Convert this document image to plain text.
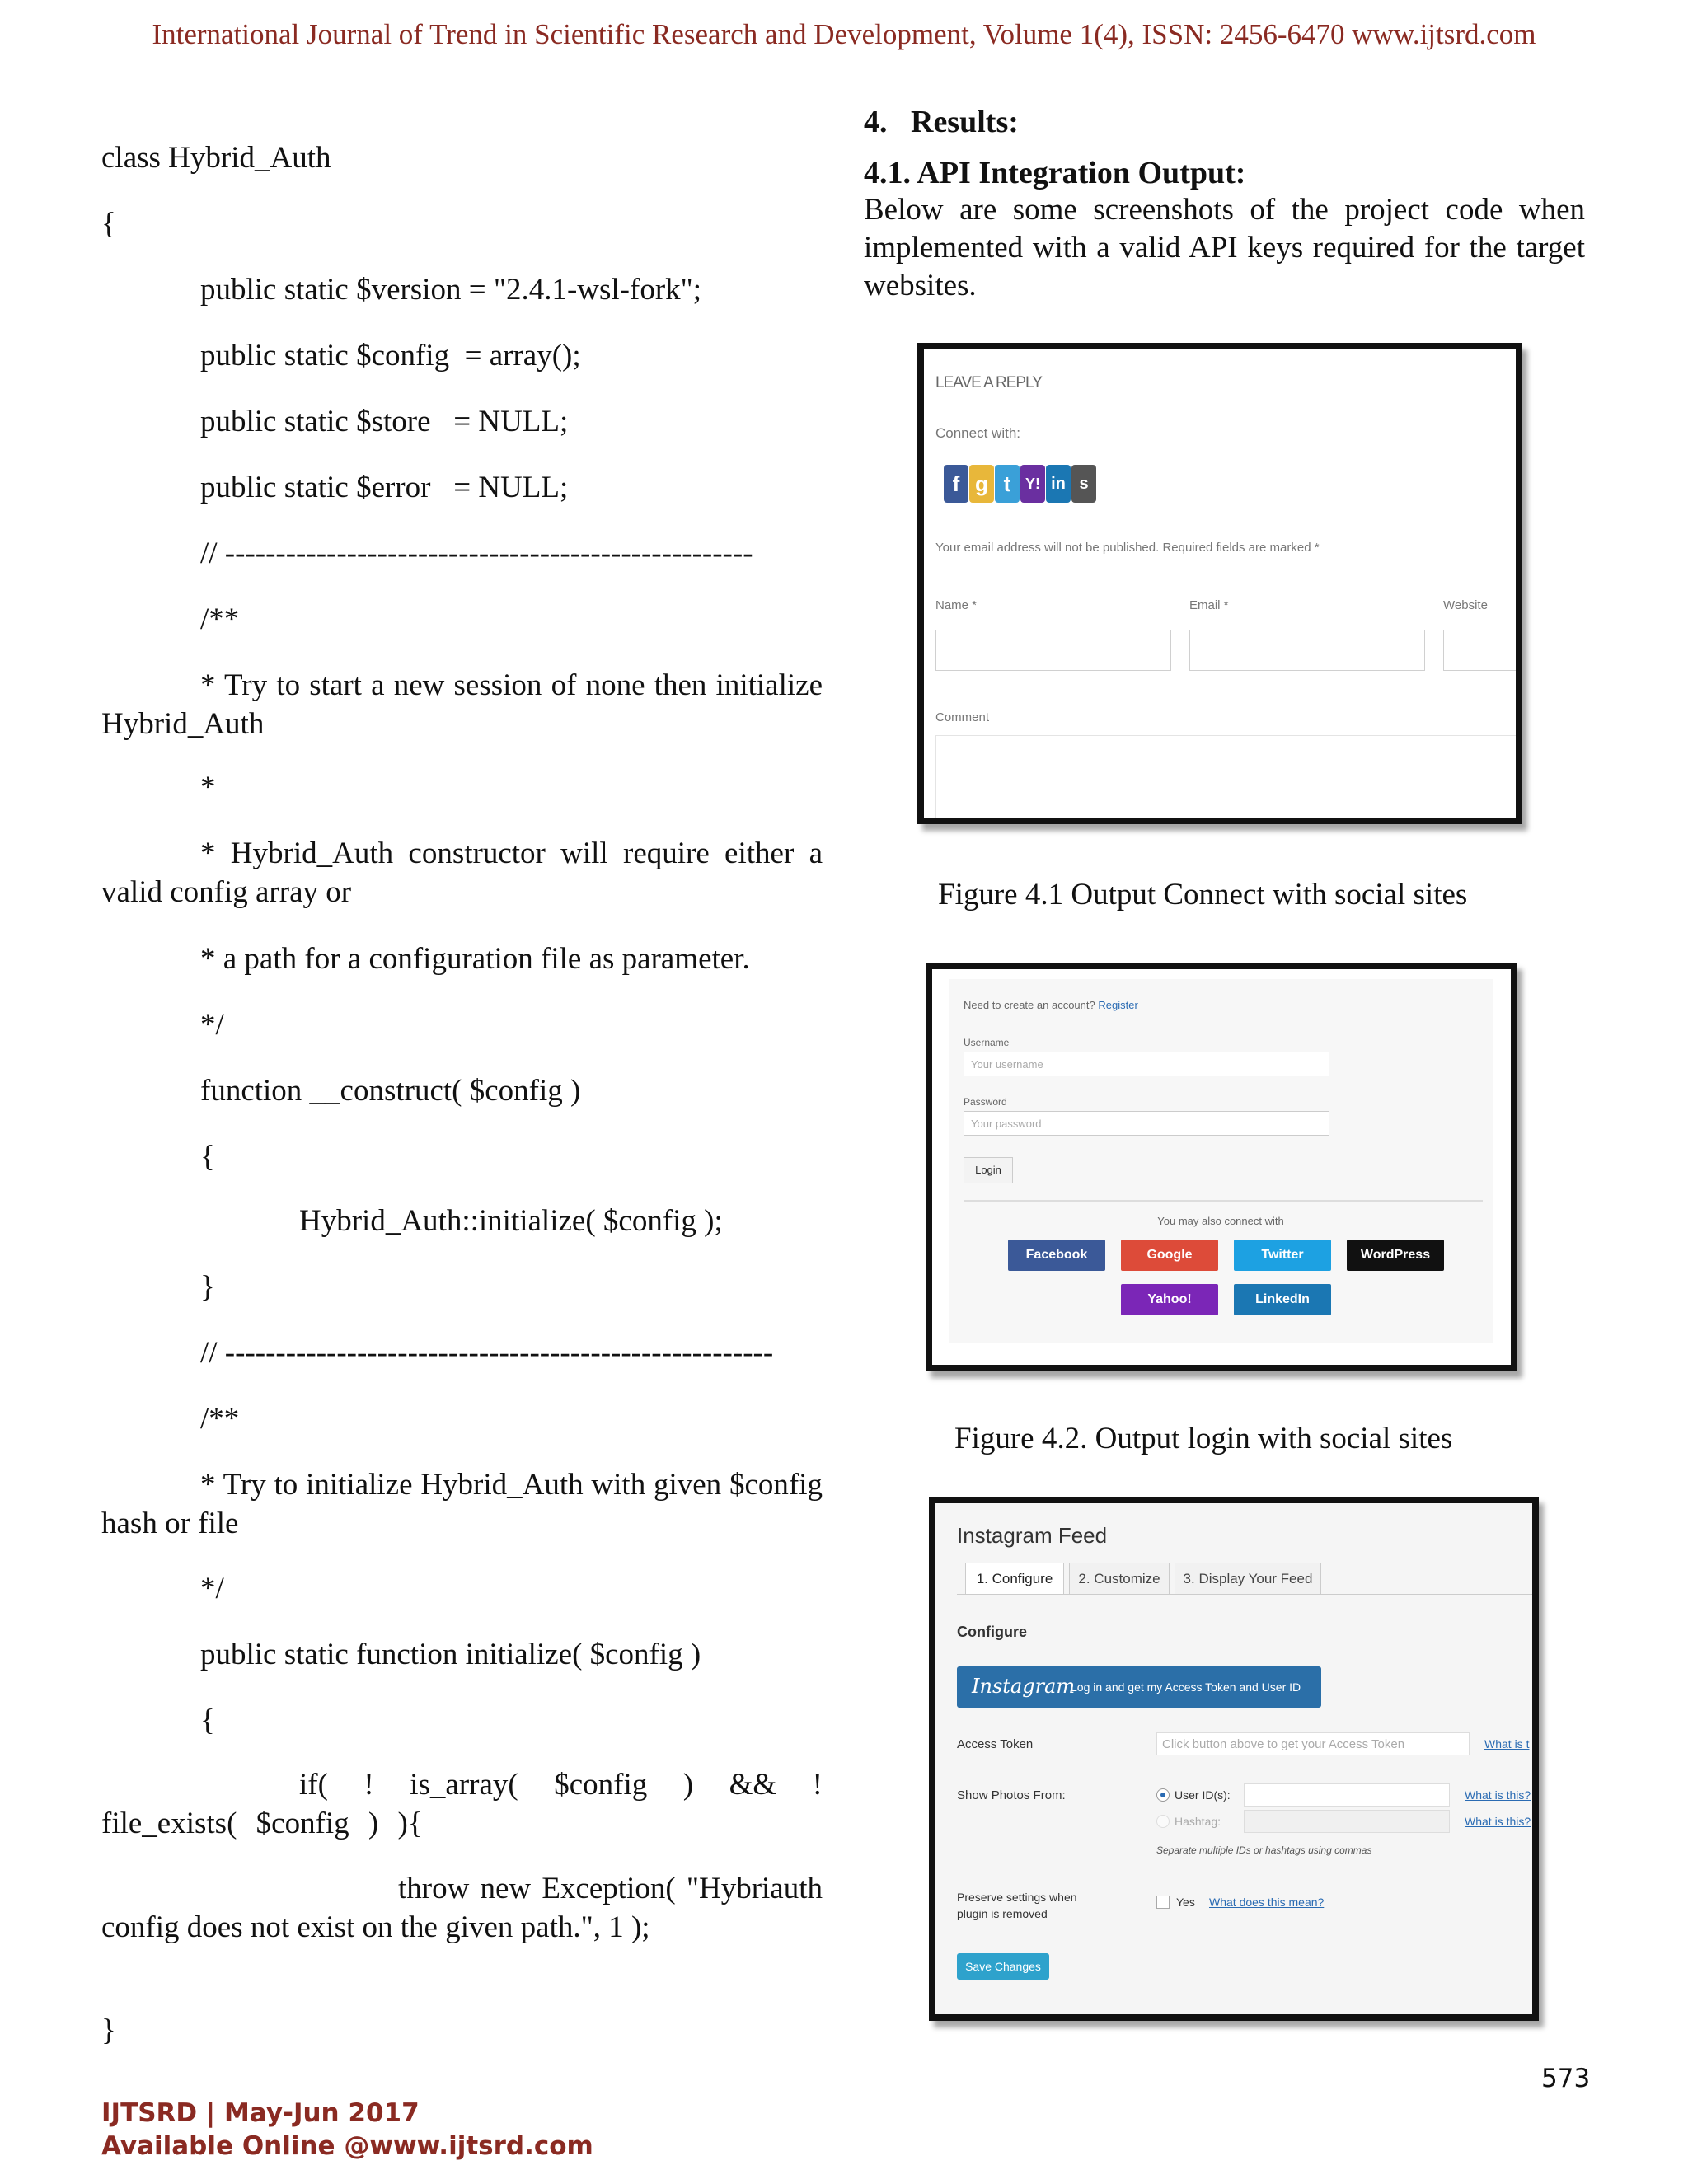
International Journal of Trend in Scientific Research and Development, Volume 1(4), ISSN: 2456-6470 www.ijtsrd.com
class Hybrid_Auth
{
public static $version = "2.4.1-wsl-fork";
public static $config  = array();
public static $store   = NULL;
public static $error   = NULL;
// ----------------------------------------------------
/**
* Try to start a new session of none then initialize Hybrid_Auth
*
* Hybrid_Auth constructor will require either a valid config array or
* a path for a configuration file as parameter.
*/
function __construct( $config )
{
Hybrid_Auth::initialize( $config );
}
// ------------------------------------------------------
/**
* Try to initialize Hybrid_Auth with given $config hash or file
*/
public static function initialize( $config )
{
if( ! is_array( $config ) && ! file_exists( $config ) ){
throw new Exception( "Hybriauth config does not exist on the given path.", 1 );
}
4.   Results:
4.1. API Integration Output:
Below are some screenshots of the project code when implemented with a valid API keys required for the target websites.
LEAVE A REPLY
Connect with:
f g t Y! in s
Your email address will not be published. Required fields are marked *
Name *	Email *	Website
Comment
Figure 4.1 Output Connect with social sites
Need to create an account? Register
Username
Your username
Password
Your password
Login
You may also connect with
Facebook	Google	Twitter	WordPress
Yahoo!	LinkedIn
Figure 4.2. Output login with social sites
Instagram Feed
1. Configure	2. Customize	3. Display Your Feed
Configure
Instagram
Log in and get my Access Token and User ID
Access Token	Click button above to get your Access Token	What is t
Show Photos From:	User ID(s):	What is this?
Hashtag:	What is this?
Separate multiple IDs or hashtags using commas
Preserve settings when
plugin is removed
Yes What does this mean?
Save Changes
573
IJTSRD | May-Jun 2017
Available Online @www.ijtsrd.com
